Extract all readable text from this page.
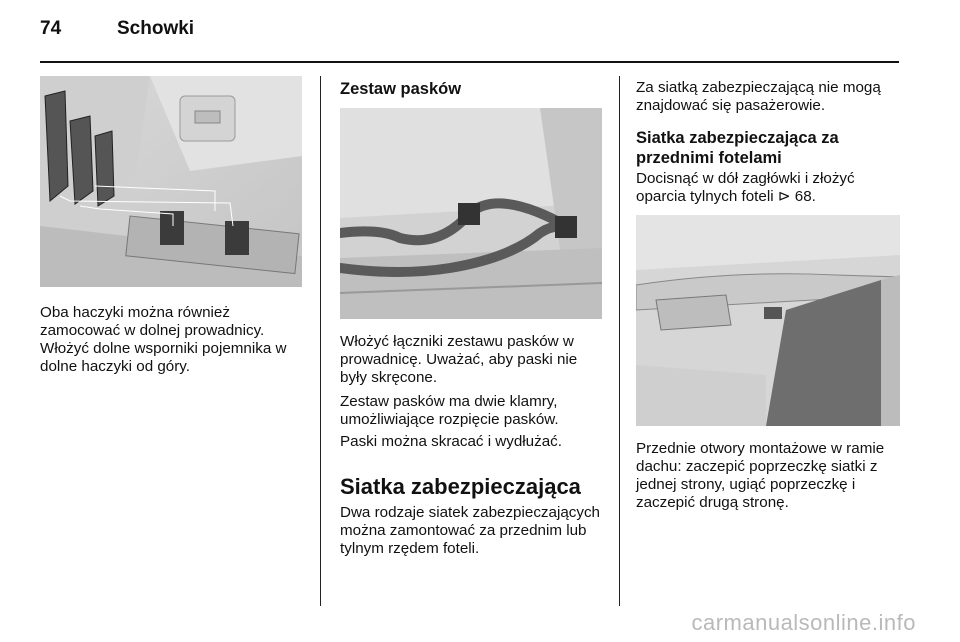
74	Schowki

Oba haczyki można również zamocować w dolnej prowadnicy. Włożyć dolne wsporniki pojemnika w dolne haczyki od góry.

Zestaw pasków

Włożyć łączniki zestawu pasków w prowadnicę. Uważać, aby paski nie były skręcone.

Zestaw pasków ma dwie klamry, umożliwiające rozpięcie pasków.

Paski można skracać i wydłużać.

Siatka zabezpieczająca

Dwa rodzaje siatek zabezpieczających można zamontować za przednim lub tylnym rzędem foteli.

Za siatką zabezpieczającą nie mogą znajdować się pasażerowie.

Siatka zabezpieczająca za przednimi fotelami

Docisnąć w dół zagłówki i złożyć oparcia tylnych foteli ⊳ 68.

Przednie otwory montażowe w ramie dachu: zaczepić poprzeczkę siatki z jednej strony, ugiąć poprzeczkę i zaczepić drugą stronę.

carmanualsonline.info
